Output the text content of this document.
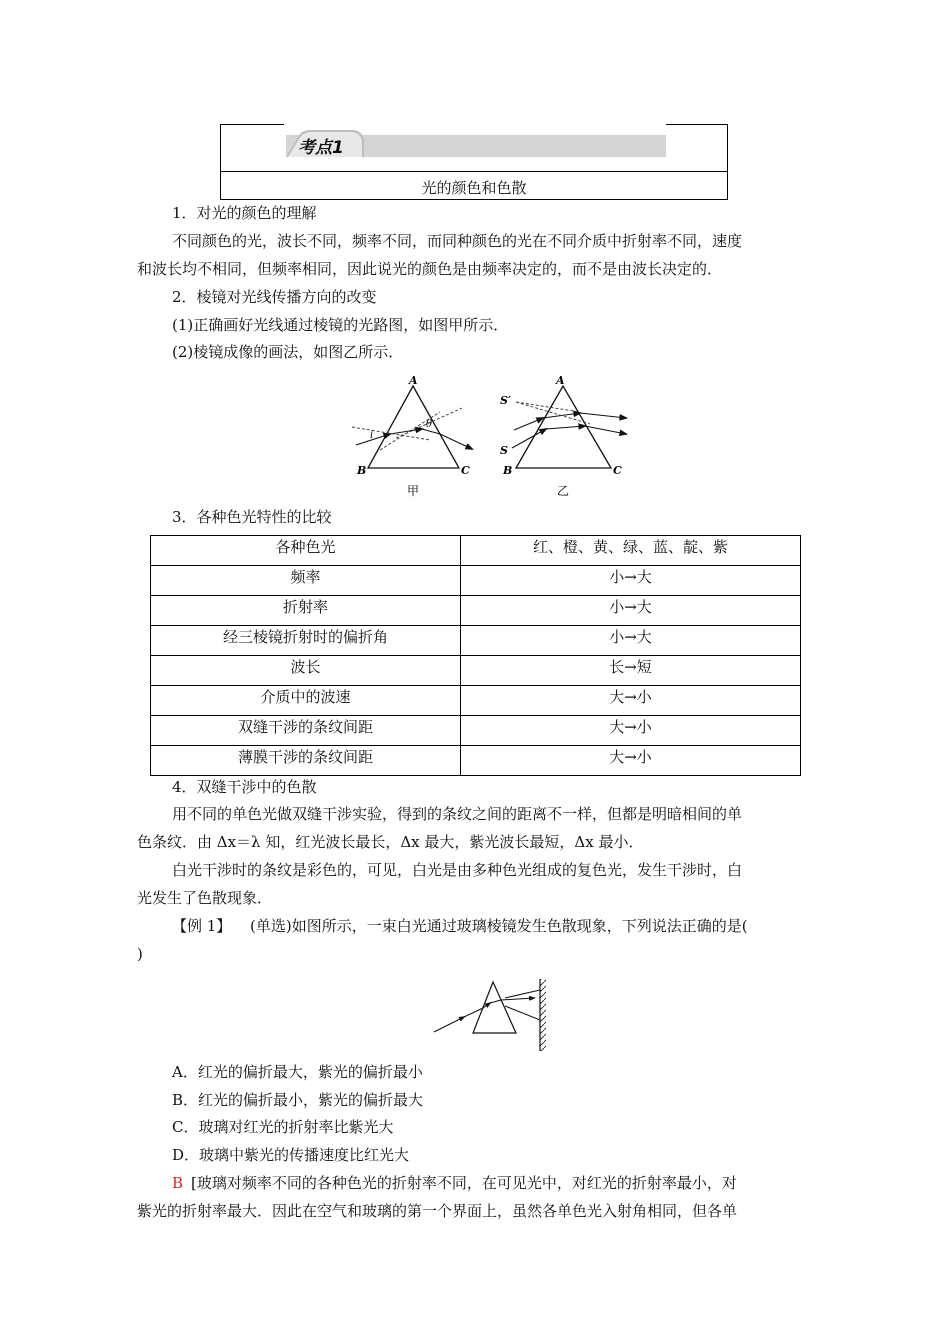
考点1
光的颜色和色散
1．对光的颜色的理解
不同颜色的光，波长不同，频率不同，而同种颜色的光在不同介质中折射率不同，速度
和波长均不相同，但频率相同，因此说光的颜色是由频率决定的，而不是由波长决定的．
2．棱镜对光线传播方向的改变
(1)正确画好光线通过棱镜的光路图，如图甲所示．
(2)棱镜成像的画法，如图乙所示．
A
B	C
i
θ
甲
A
B	C
S
S′
乙
3．各种色光特性的比较
各种色光	红、橙、黄、绿、蓝、靛、紫
频率	小→大
折射率	小→大
经三棱镜折射时的偏折角	小→大
波长	长→短
介质中的波速	大→小
双缝干涉的条纹间距	大→小
薄膜干涉的条纹间距	大→小
4．双缝干涉中的色散
用不同的单色光做双缝干涉实验，得到的条纹之间的距离不一样，但都是明暗相间的单
色条纹．由 Δx＝λ 知，红光波长最长，Δx 最大，紫光波长最短，Δx 最小．
白光干涉时的条纹是彩色的，可见，白光是由多种色光组成的复色光，发生干涉时，白
光发生了色散现象．
【例 1】 (单选)如图所示，一束白光通过玻璃棱镜发生色散现象，下列说法正确的是(
)
A．红光的偏折最大，紫光的偏折最小
B．红光的偏折最小，紫光的偏折最大
C．玻璃对红光的折射率比紫光大
D．玻璃中紫光的传播速度比红光大
B [玻璃对频率不同的各种色光的折射率不同，在可见光中，对红光的折射率最小，对
紫光的折射率最大．因此在空气和玻璃的第一个界面上，虽然各单色光入射角相同，但各单
